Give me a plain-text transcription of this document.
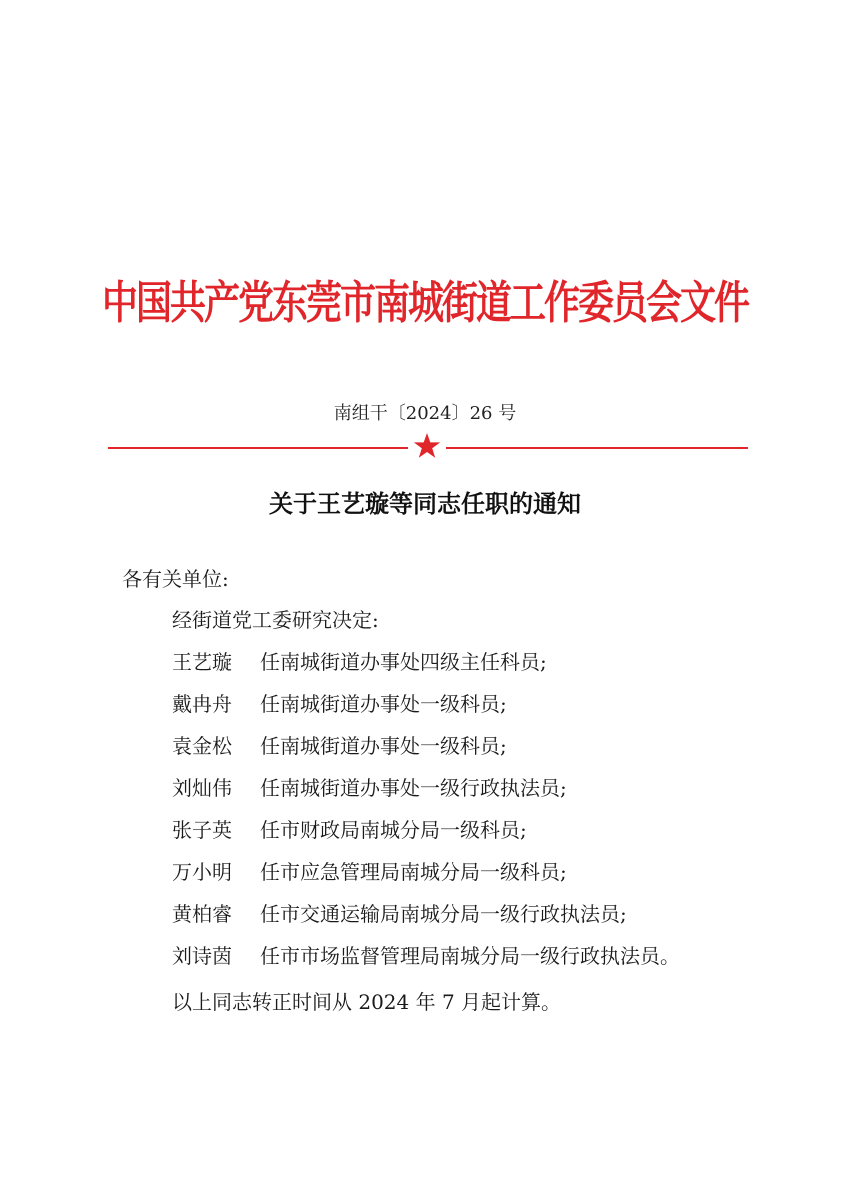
中国共产党东莞市南城街道工作委员会文件
南组干〔2024〕26 号
关于王艺璇等同志任职的通知
各有关单位:
经街道党工委研究决定:
王艺璇 任南城街道办事处四级主任科员;
戴冉舟 任南城街道办事处一级科员;
袁金松 任南城街道办事处一级科员;
刘灿伟 任南城街道办事处一级行政执法员;
张子英 任市财政局南城分局一级科员;
万小明 任市应急管理局南城分局一级科员;
黄柏睿 任市交通运输局南城分局一级行政执法员;
刘诗茵 任市市场监督管理局南城分局一级行政执法员。
以上同志转正时间从 2024 年 7 月起计算。
